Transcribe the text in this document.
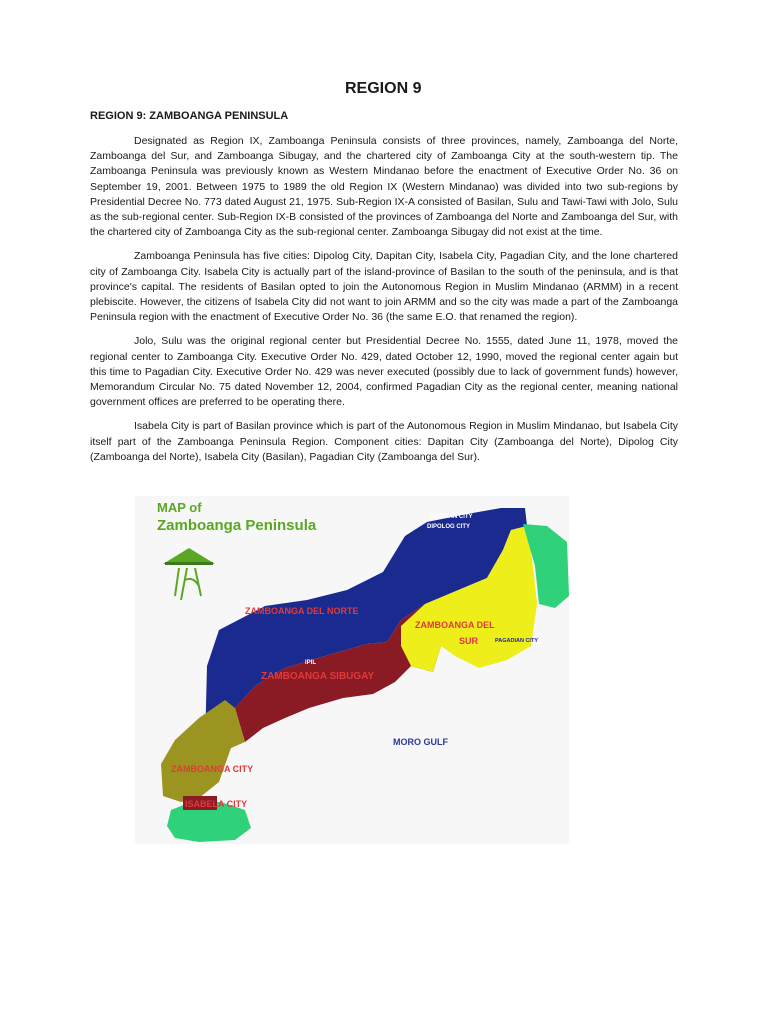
REGION 9
REGION 9: ZAMBOANGA PENINSULA

Designated as Region IX, Zamboanga Peninsula consists of three provinces, namely, Zamboanga del Norte, Zamboanga del Sur, and Zamboanga Sibugay, and the chartered city of Zamboanga City at the south-western tip. The Zamboanga Peninsula was previously known as Western Mindanao before the enactment of Executive Order No. 36 on September 19, 2001. Between 1975 to 1989 the old Region IX (Western Mindanao) was divided into two sub-regions by Presidential Decree No. 773 dated August 21, 1975. Sub-Region IX-A consisted of Basilan, Sulu and Tawi-Tawi with Jolo, Sulu as the sub-regional center. Sub-Region IX-B consisted of the provinces of Zamboanga del Norte and Zamboanga del Sur, with the chartered city of Zamboanga City as the sub-regional center. Zamboanga Sibugay did not exist at the time.

Zamboanga Peninsula has five cities: Dipolog City, Dapitan City, Isabela City, Pagadian City, and the lone chartered city of Zamboanga City. Isabela City is actually part of the island-province of Basilan to the south of the peninsula, and is that province's capital. The residents of Basilan opted to join the Autonomous Region in Muslim Mindanao (ARMM) in a recent plebiscite. However, the citizens of Isabela City did not want to join ARMM and so the city was made a part of the Zamboanga Peninsula region with the enactment of Executive Order No. 36 (the same E.O. that renamed the region).

Jolo, Sulu was the original regional center but Presidential Decree No. 1555, dated June 11, 1978, moved the regional center to Zamboanga City. Executive Order No. 429, dated October 12, 1990, moved the regional center again but this time to Pagadian City. Executive Order No. 429 was never executed (possibly due to lack of government funds) however, Memorandum Circular No. 75 dated November 12, 2004, confirmed Pagadian City as the regional center, meaning national government offices are preferred to be operating there.

Isabela City is part of Basilan province which is part of the Autonomous Region in Muslim Mindanao, but Isabela City itself part of the Zamboanga Peninsula Region. Component cities: Dapitan City (Zamboanga del Norte), Dipolog City (Zamboanga del Norte), Isabela City (Basilan), Pagadian City (Zamboanga del Sur).

MAP of
Zamboanga Peninsula	DAPITAN CITY
DIPOLOG CITY
ZAMBOANGA DEL NORTE
ZAMBOANGA DEL
SUR	PAGADIAN CITY
IPIL
ZAMBOANGA SIBUGAY
MORO GULF
ZAMBOANGA CITY
ISABELA CITY
